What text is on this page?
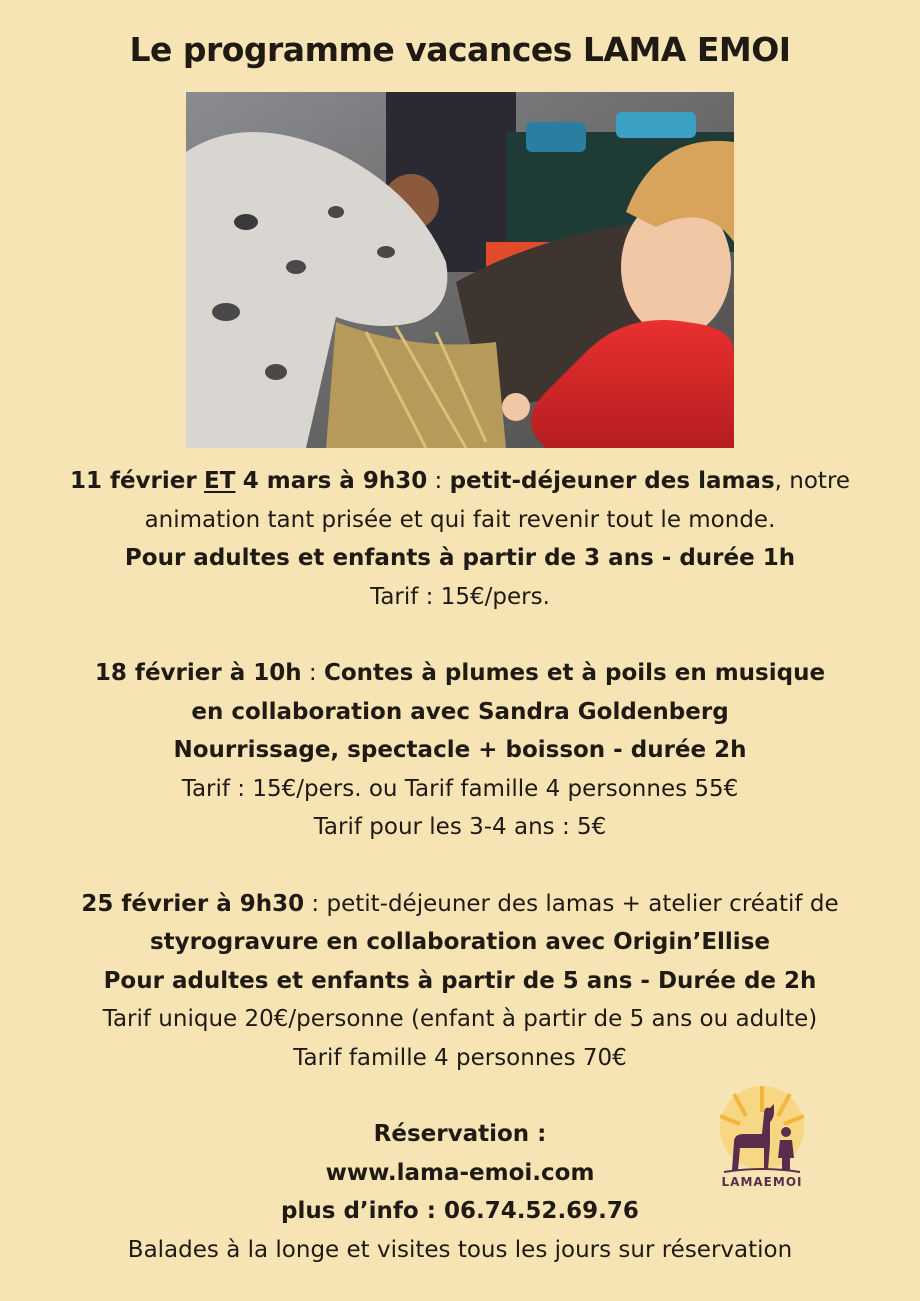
Le programme vacances LAMA EMOI

11 février ET 4 mars à 9h30 : petit-déjeuner des lamas, notre

animation tant prisée et qui fait revenir tout le monde.

Pour adultes et enfants à partir de 3 ans - durée 1h

Tarif : 15€/pers.

18 février à 10h : Contes à plumes et à poils en musique

en collaboration avec Sandra Goldenberg

Nourrissage, spectacle + boisson - durée 2h

Tarif : 15€/pers. ou Tarif famille 4 personnes 55€

Tarif pour les 3-4 ans : 5€

25 février à 9h30 : petit-déjeuner des lamas + atelier créatif de

styrogravure en collaboration avec Origin’Ellise

Pour adultes et enfants à partir de 5 ans - Durée de 2h

Tarif unique 20€/personne (enfant à partir de 5 ans ou adulte)

Tarif famille 4 personnes 70€

Réservation :

www.lama-emoi.com

plus d’info : 06.74.52.69.76

Balades à la longe et visites tous les jours sur réservation

LAMAEMOI
